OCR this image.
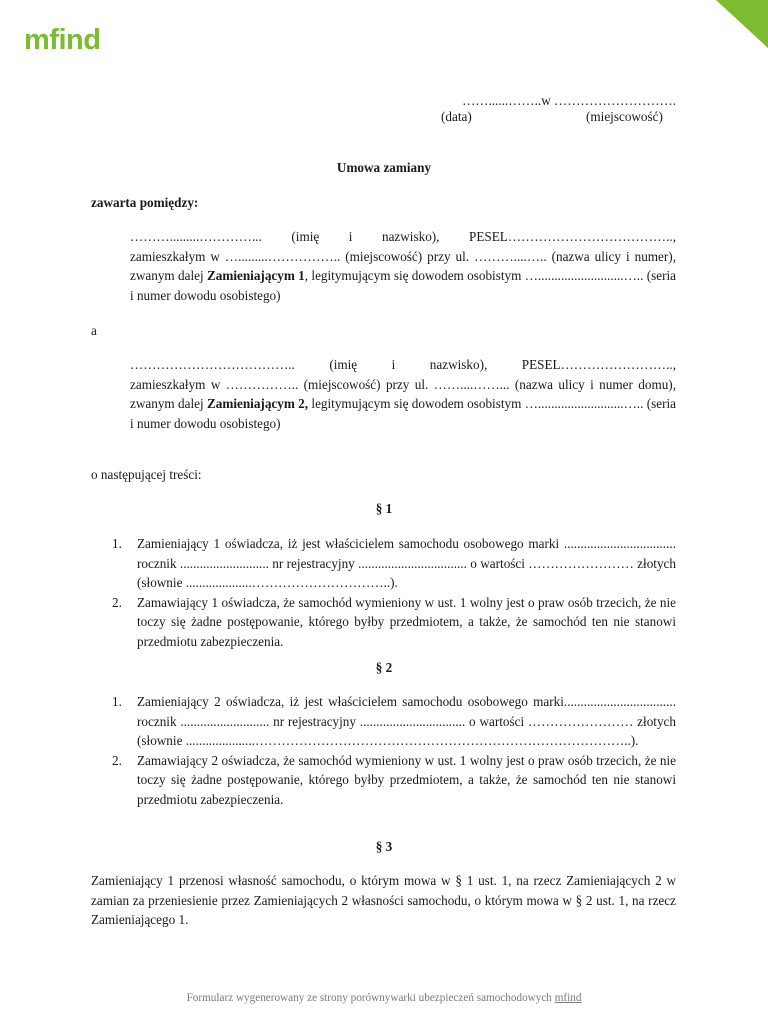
mfind
……......……..w ……………………….
(data)	(miejscowość)
Umowa zamiany
zawarta pomiędzy:
……….........…………... (imię i nazwisko), PESEL………………………………..,
zamieszkałym w ….........…………….. (miejscowość) przy ul. ………....….. (nazwa ulicy i numer), zwanym dalej Zamieniającym 1, legitymującym się dowodem osobistym …..........................….. (seria i numer dowodu osobistego)
a
……………………………….. (imię i nazwisko), PESEL……………………..,
zamieszkałym w …………….. (miejscowość) przy ul. ……....……... (nazwa ulicy i numer domu), zwanym dalej Zamieniającym 2, legitymującym się dowodem osobistym …..........................….. (seria i numer dowodu osobistego)
o następującej treści:
§ 1
1. Zamieniający 1 oświadcza, iż jest właścicielem samochodu osobowego marki .................................. rocznik ........................... nr rejestracyjny ................................. o wartości …………………… złotych (słownie ....................…………………………..).
2. Zamawiający 1 oświadcza, że samochód wymieniony w ust. 1 wolny jest o praw osób trzecich, że nie toczy się żadne postępowanie, którego byłby przedmiotem, a także, że samochód ten nie stanowi przedmiotu zabezpieczenia.
§ 2
1. Zamieniający 2 oświadcza, iż jest właścicielem samochodu osobowego marki.................................. rocznik ........................... nr rejestracyjny ................................ o wartości …………………… złotych (słownie .....................…………………………………………………………………………..).
2. Zamawiający 2 oświadcza, że samochód wymieniony w ust. 1 wolny jest o praw osób trzecich, że nie toczy się żadne postępowanie, którego byłby przedmiotem, a także, że samochód ten nie stanowi przedmiotu zabezpieczenia.
§ 3
Zamieniający 1 przenosi własność samochodu, o którym mowa w § 1 ust. 1, na rzecz Zamieniających 2 w zamian za przeniesienie przez Zamieniających 2 własności samochodu, o którym mowa w § 2 ust. 1, na rzecz Zamieniającego 1.
Formularz wygenerowany ze strony porównywarki ubezpieczeń samochodowych mfind
